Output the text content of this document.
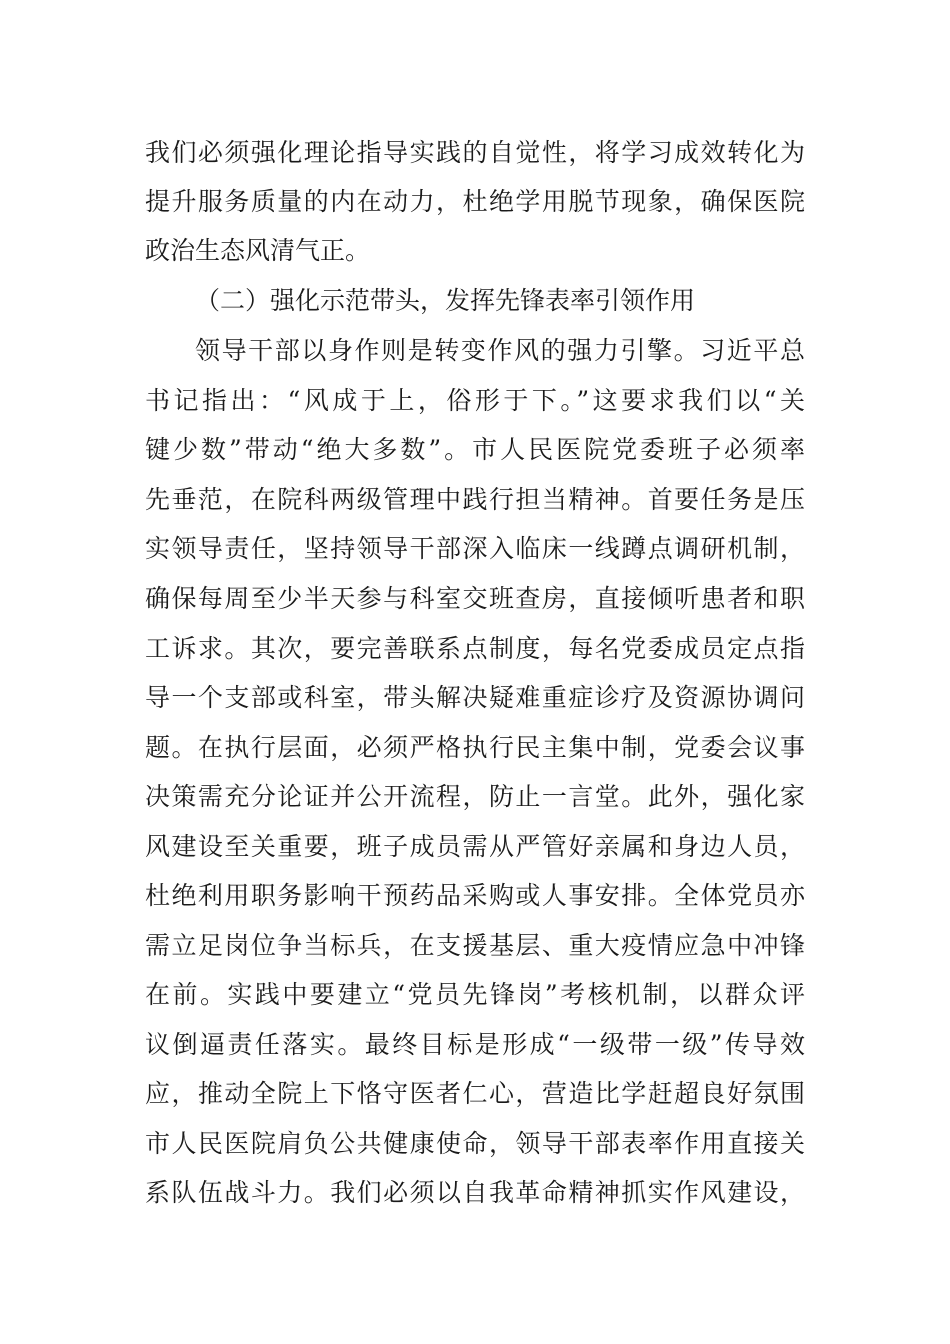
我们必须强化理论指导实践的自觉性，将学习成效转化为
提升服务质量的内在动力，杜绝学用脱节现象，确保医院
政治生态风清气正。
（二）强化示范带头，发挥先锋表率引领作用
领导干部以身作则是转变作风的强力引擎。习近平总
书记指出：“风成于上，俗形于下。”这要求我们以“关
键少数”带动“绝大多数”。市人民医院党委班子必须率
先垂范，在院科两级管理中践行担当精神。首要任务是压
实领导责任，坚持领导干部深入临床一线蹲点调研机制，
确保每周至少半天参与科室交班查房，直接倾听患者和职
工诉求。其次，要完善联系点制度，每名党委成员定点指
导一个支部或科室，带头解决疑难重症诊疗及资源协调问
题。在执行层面，必须严格执行民主集中制，党委会议事
决策需充分论证并公开流程，防止一言堂。此外，强化家
风建设至关重要，班子成员需从严管好亲属和身边人员，
杜绝利用职务影响干预药品采购或人事安排。全体党员亦
需立足岗位争当标兵，在支援基层、重大疫情应急中冲锋
在前。实践中要建立“党员先锋岗”考核机制，以群众评
议倒逼责任落实。最终目标是形成“一级带一级”传导效
应，推动全院上下恪守医者仁心，营造比学赶超良好氛围
市人民医院肩负公共健康使命，领导干部表率作用直接关
系队伍战斗力。我们必须以自我革命精神抓实作风建设，
